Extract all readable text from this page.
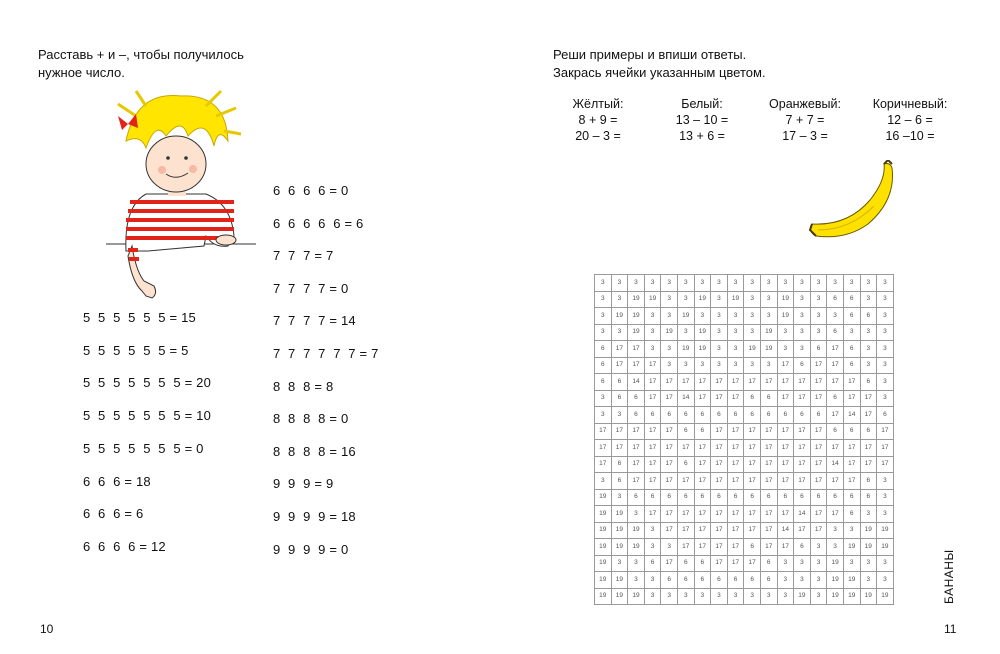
Расставь + и –, чтобы получилось
нужное число.
5  5  5  5  5  5 = 15
5  5  5  5  5  5 = 5
5  5  5  5  5  5  5 = 20
5  5  5  5  5  5  5 = 10
5  5  5  5  5  5  5 = 0
6  6  6 = 18
6  6  6 = 6
6  6  6  6 = 12
6  6  6  6 = 0
6  6  6  6  6 = 6
7  7  7 = 7
7  7  7  7 = 0
7  7  7  7 = 14
7  7  7  7  7  7 = 7
8  8  8 = 8
8  8  8  8 = 0
8  8  8  8 = 16
9  9  9 = 9
9  9  9  9 = 18
9  9  9  9 = 0
10
Реши примеры и впиши ответы.
Закрась ячейки указанным цветом.
Жёлтый:
8 + 9 =
20 – 3 =
Белый:
13 – 10 =
13 + 6 =
Оранжевый:
7 + 7 =
17 – 3 =
Коричневый:
12 – 6 =
16 –10 =
3	3	3	3	3	3	3	3	3	3	3	3	3	3	3	3	3	3
3	3	19	19	3	3	19	3	19	3	3	19	3	3	6	6	3	3
3	19	19	3	3	19	3	3	3	3	3	19	3	3	3	6	6	3
3	3	19	3	19	3	19	3	3	3	19	3	3	3	6	3	3	3
6	17	17	3	3	19	19	3	3	19	19	3	3	6	17	6	3	3
6	17	17	17	3	3	3	3	3	3	3	17	6	17	17	6	3	3
6	6	14	17	17	17	17	17	17	17	17	17	17	17	17	17	6	3
3	6	6	17	17	14	17	17	17	6	6	17	17	17	6	17	17	3
3	3	6	6	6	6	6	6	6	6	6	6	6	6	17	14	17	6
17	17	17	17	17	6	6	17	17	17	17	17	17	17	6	6	6	17
17	17	17	17	17	17	17	17	17	17	17	17	17	17	17	17	17	17
17	6	17	17	17	6	17	17	17	17	17	17	17	17	14	17	17	17
3	6	17	17	17	17	17	17	17	17	17	17	17	17	17	17	6	3
19	3	6	6	6	6	6	6	6	6	6	6	6	6	6	6	6	3
19	19	3	17	17	17	17	17	17	17	17	17	14	17	17	6	3	3
19	19	19	3	17	17	17	17	17	17	17	14	17	17	3	3	19	19
19	19	19	3	3	17	17	17	17	6	17	17	6	3	3	19	19	19
19	3	3	6	17	6	6	17	17	17	6	3	3	3	19	3	3	3
19	19	3	3	6	6	6	6	6	6	6	3	3	3	19	19	3	3
19	19	19	3	3	3	3	3	3	3	3	3	19	3	19	19	19	19	БАНАНЫ
11
